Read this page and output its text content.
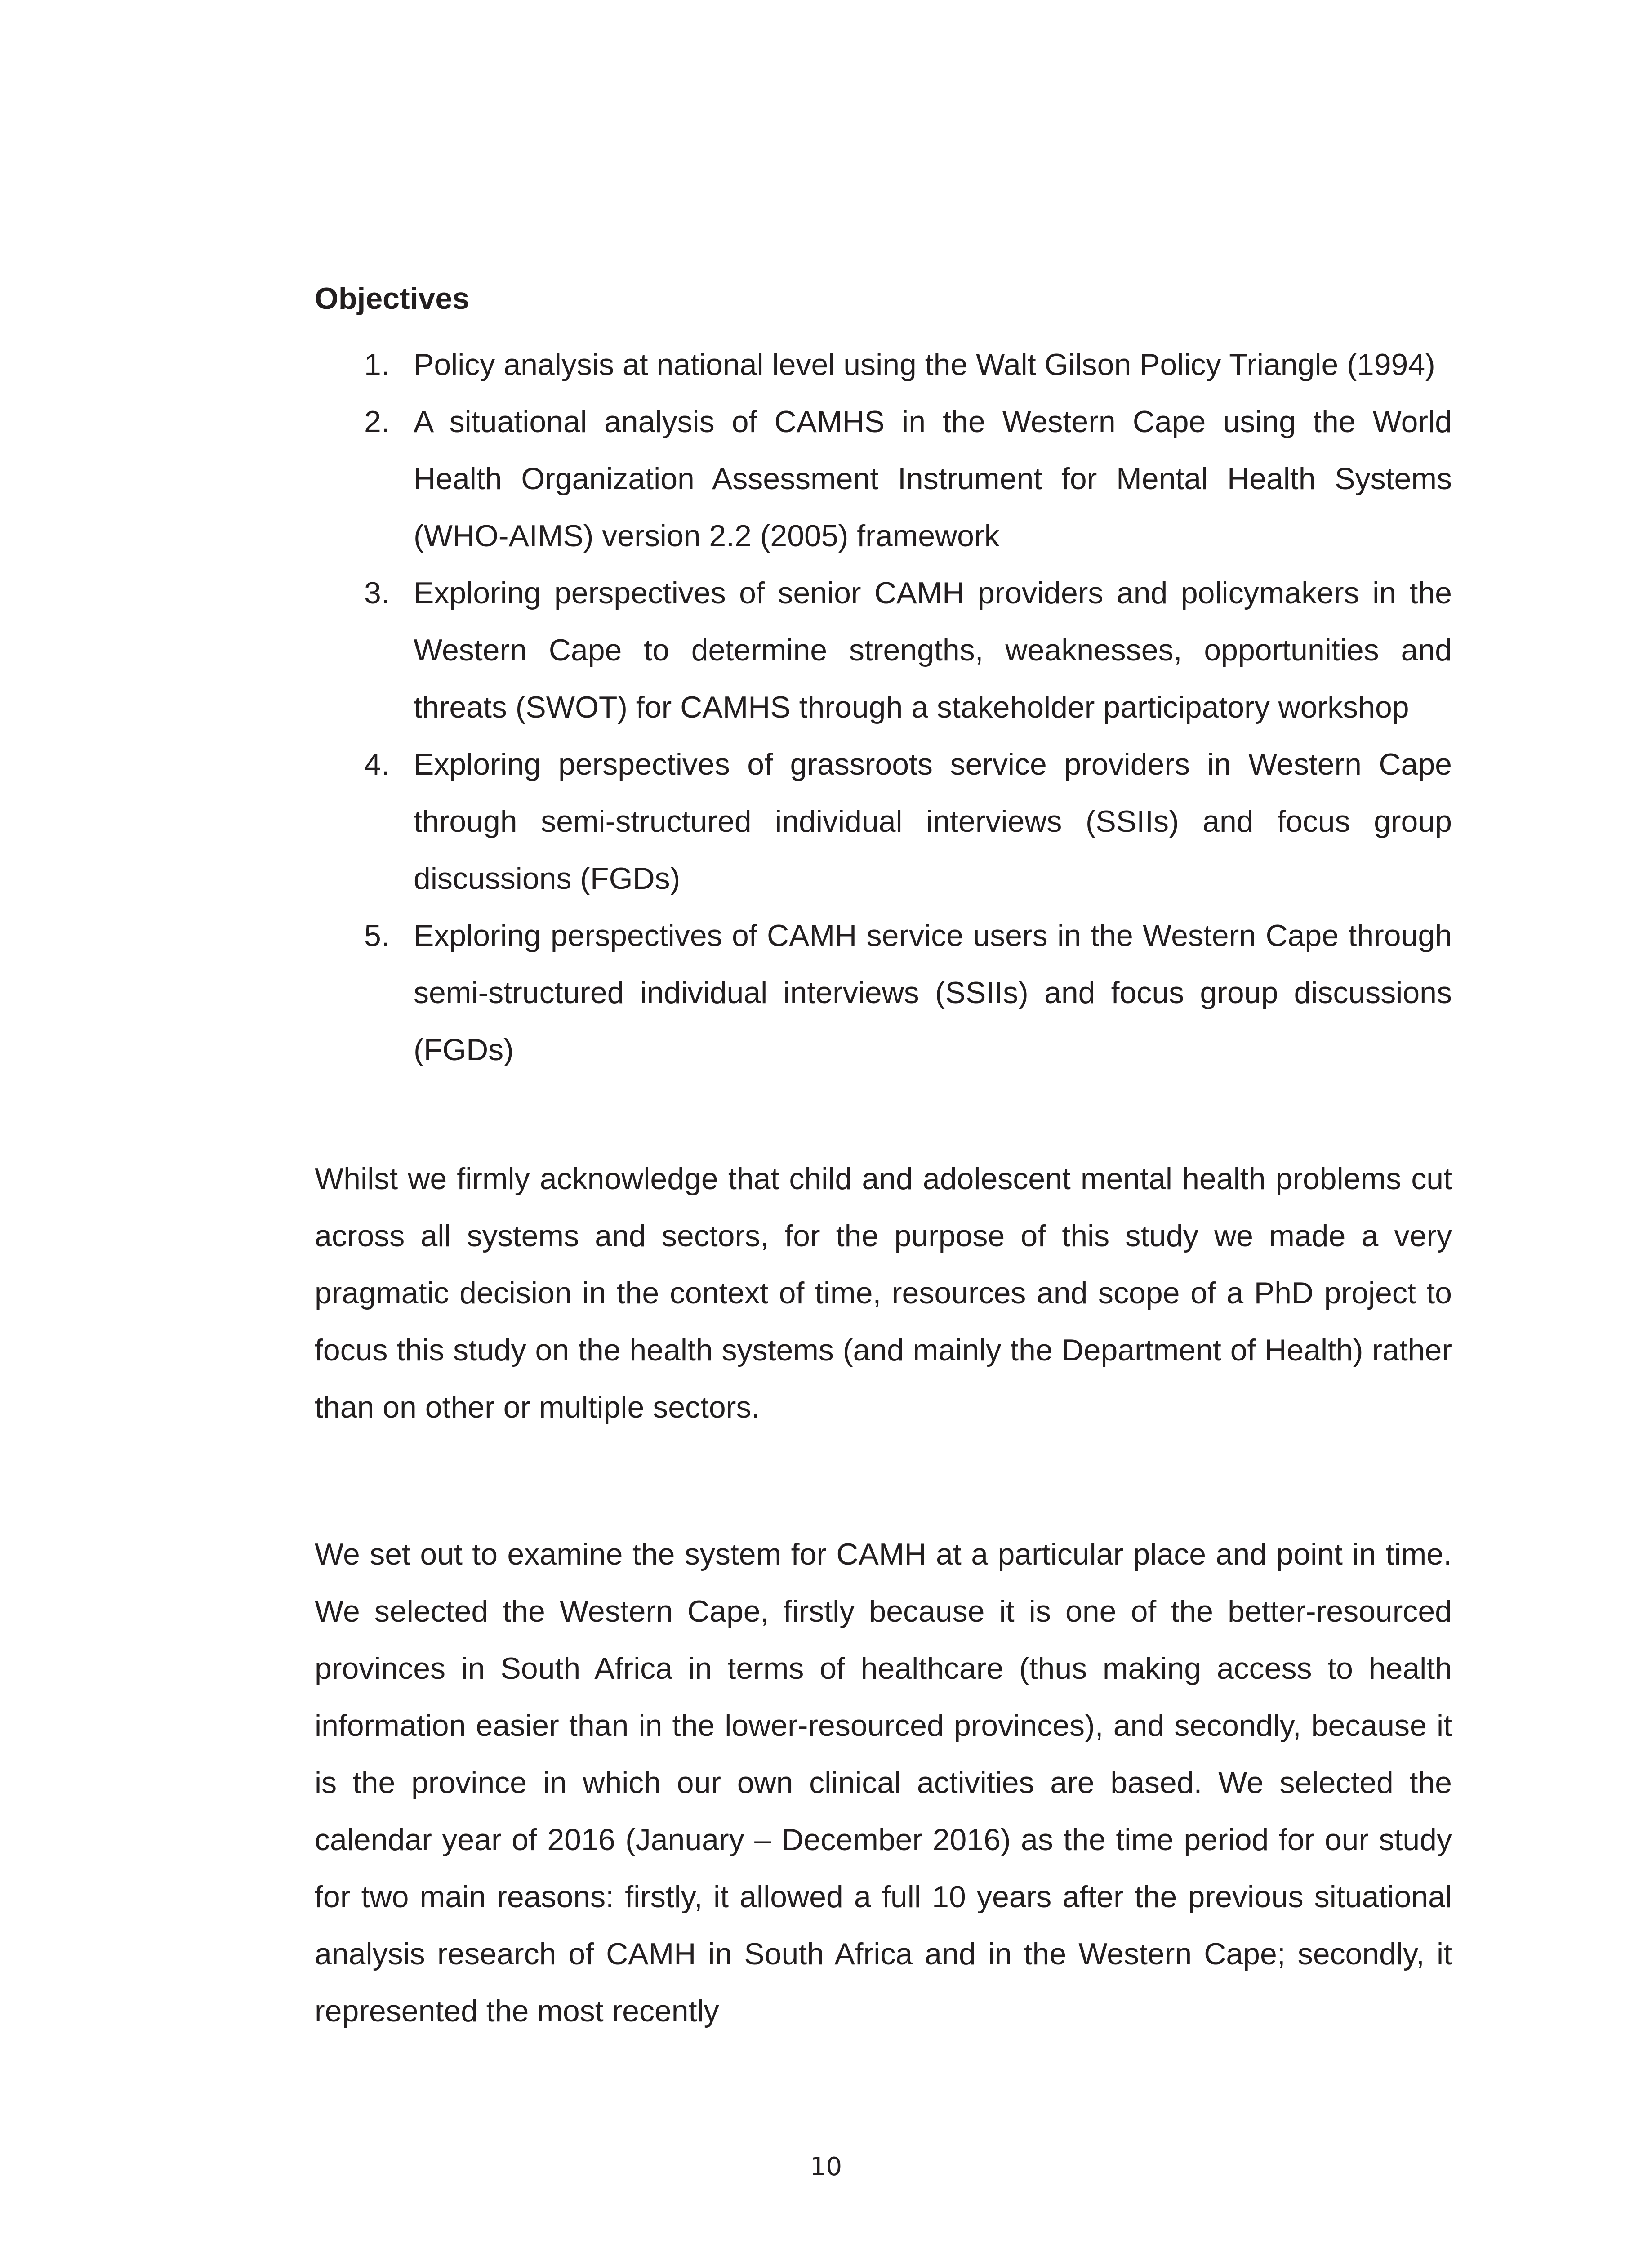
Objectives
1. Policy analysis at national level using the Walt Gilson Policy Triangle (1994)
2. A situational analysis of CAMHS in the Western Cape using the World Health Organization Assessment Instrument for Mental Health Systems (WHO-AIMS) version 2.2 (2005) framework
3. Exploring perspectives of senior CAMH providers and policymakers in the Western Cape to determine strengths, weaknesses, opportunities and threats (SWOT) for CAMHS through a stakeholder participatory workshop
4. Exploring perspectives of grassroots service providers in Western Cape through semi-structured individual interviews (SSIIs) and focus group discussions (FGDs)
5. Exploring perspectives of CAMH service users in the Western Cape through semi-structured individual interviews (SSIIs) and focus group discussions (FGDs)

Whilst we firmly acknowledge that child and adolescent mental health problems cut across all systems and sectors, for the purpose of this study we made a very pragmatic decision in the context of time, resources and scope of a PhD project to focus this study on the health systems (and mainly the Department of Health) rather than on other or multiple sectors.

We set out to examine the system for CAMH at a particular place and point in time. We selected the Western Cape, firstly because it is one of the better-resourced provinces in South Africa in terms of healthcare (thus making access to health information easier than in the lower-resourced provinces), and secondly, because it is the province in which our own clinical activities are based. We selected the calendar year of 2016 (January – December 2016) as the time period for our study for two main reasons: firstly, it allowed a full 10 years after the previous situational analysis research of CAMH in South Africa and in the Western Cape; secondly, it represented the most recently

10
